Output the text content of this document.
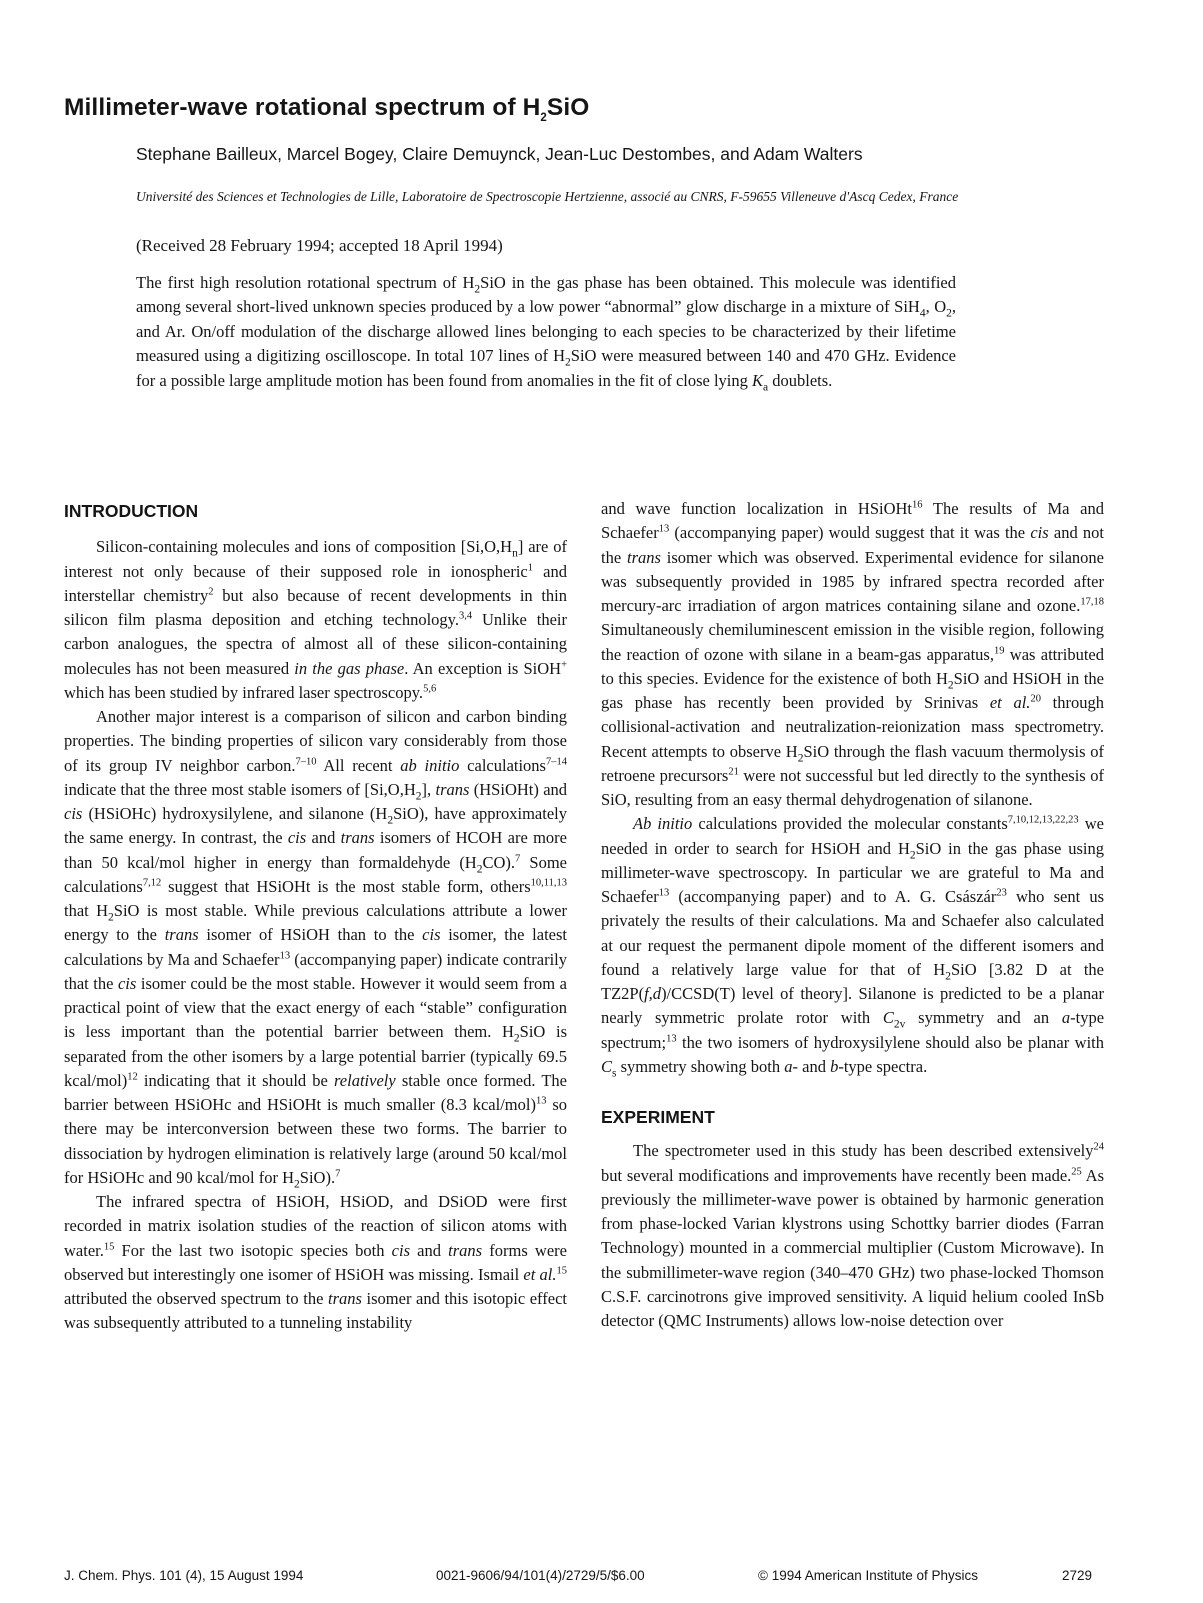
Millimeter-wave rotational spectrum of $H_2SiO$
Stephane Bailleux, Marcel Bogey, Claire Demuynck, Jean-Luc Destombes, and Adam Walters
Université des Sciences et Technologies de Lille, Laboratoire de Spectroscopie Hertzienne, associé au CNRS, F-59655 Villeneuve d'Ascq Cedex, France
(Received 28 February 1994; accepted 18 April 1994)
The first high resolution rotational spectrum of $H_2SiO$ in the gas phase has been obtained. This molecule was identified among several short-lived unknown species produced by a low power “abnormal” glow discharge in a mixture of SiH$_4$, $O_2$, and Ar. On/off modulation of the discharge allowed lines belonging to each species to be characterized by their lifetime measured using a digitizing oscilloscope. In total 107 lines of $H_2SiO$ were measured between 140 and 470 GHz. Evidence for a possible large amplitude motion has been found from anomalies in the fit of close lying $K_a$ doublets.
INTRODUCTION

Silicon-containing molecules and ions of composition $[Si,O,H_n]$ are of interest not only because of their supposed role in ionospheric$^1$ and interstellar chemistry$^2$ but also because of recent developments in thin silicon film plasma deposition and etching technology.$^{3,4}$ Unlike their carbon analogues, the spectra of almost all of these silicon-containing molecules has not been measured in the gas phase. An exception is SiOH+ which has been studied by infrared laser spectroscopy.$^{5,6}$

Another major interest is a comparison of silicon and carbon binding properties. The binding properties of silicon vary considerably from those of its group IV neighbor carbon.$^{7-10}$ All recent ab initio calculations$^{7-14}$ indicate that the three most stable isomers of $[Si,O,H_2]$, trans (HSiOHt) and cis (HSiOHc) hydroxysilylene, and silanone $(H_2SiO)$, have approximately the same energy. In contrast, the cis and trans isomers of HCOH are more than 50 kcal/mol higher in energy than formaldehyde $(H_2CO).^7$ Some calculations$^{7,12}$ suggest that HSiOHt is the most stable form, others$^{10,11,13}$ that $H_2SiO$ is most stable. While previous calculations attribute a lower energy to the trans isomer of HSiOH than to the cis isomer, the latest calculations by Ma and Schaefer$^{13}$ (accompanying paper) indicate contrarily that the cis isomer could be the most stable. However it would seem from a practical point of view that the exact energy of each “stable” configuration is less important than the potential barrier between them. $H_2SiO$ is separated from the other isomers by a large potential barrier (typically 69.5 kcal/mol)$^{12}$ indicating that it should be relatively stable once formed. The barrier between HSiOHc and HSiOHt is much smaller (8.3 kcal/mol)$^{13}$ so there may be interconversion between these two forms. The barrier to dissociation by hydrogen elimination is relatively large (around 50 kcal/mol for HSiOHc and 90 kcal/mol for $H_2SiO).^7$

The infrared spectra of HSiOH, HSiOD, and DSiOD were first recorded in matrix isolation studies of the reaction of silicon atoms with water.$^{15}$ For the last two isotopic species both cis and trans forms were observed but interestingly one isomer of HSiOH was missing. Ismail et al.$^{15}$ attributed the observed spectrum to the trans isomer and this isotopic effect was subsequently attributed to a tunneling instability

and wave function localization in HSiOHt$^{16}$ The results of Ma and Schaefer$^{13}$ (accompanying paper) would suggest that it was the cis and not the trans isomer which was observed. Experimental evidence for silanone was subsequently provided in 1985 by infrared spectra recorded after mercury-arc irradiation of argon matrices containing silane and ozone.$^{17,18}$ Simultaneously chemiluminescent emission in the visible region, following the reaction of ozone with silane in a beam-gas apparatus,$^{19}$ was attributed to this species. Evidence for the existence of both $H_2SiO$ and HSiOH in the gas phase has recently been provided by Srinivas et al.$^{20}$ through collisional-activation and neutralization-reionization mass spectrometry. Recent attempts to observe $H_2SiO$ through the flash vacuum thermolysis of retroene precursors$^{21}$ were not successful but led directly to the synthesis of SiO, resulting from an easy thermal dehydrogenation of silanone.

Ab initio calculations provided the molecular constants$^{7,10,12,13,22,23}$ we needed in order to search for HSiOH and $H_2SiO$ in the gas phase using millimeter-wave spectroscopy. In particular we are grateful to Ma and Schaefer$^{13}$ (accompanying paper) and to A. G. Császár$^{23}$ who sent us privately the results of their calculations. Ma and Schaefer also calculated at our request the permanent dipole moment of the different isomers and found a relatively large value for that of $H_2SiO$ [3.82 D at the TZ2P(f,d)/CCSD(T) level of theory]. Silanone is predicted to be a planar nearly symmetric prolate rotor with $C_{2v}$ symmetry and an a-type spectrum;$^{13}$ the two isomers of hydroxysilylene should also be planar with $C_s$ symmetry showing both a- and b-type spectra.

EXPERIMENT

The spectrometer used in this study has been described extensively$^{24}$ but several modifications and improvements have recently been made.$^{25}$ As previously the millimeter-wave power is obtained by harmonic generation from phase-locked Varian klystrons using Schottky barrier diodes (Farran Technology) mounted in a commercial multiplier (Custom Microwave). In the submillimeter-wave region (340–470 GHz) two phase-locked Thomson C.S.F. carcinotrons give improved sensitivity. A liquid helium cooled InSb detector (QMC Instruments) allows low-noise detection over

J. Chem. Phys. 101 (4), 15 August 1994	0021-9606/94/101(4)/2729/5/$6.00	© 1994 American Institute of Physics	2729
